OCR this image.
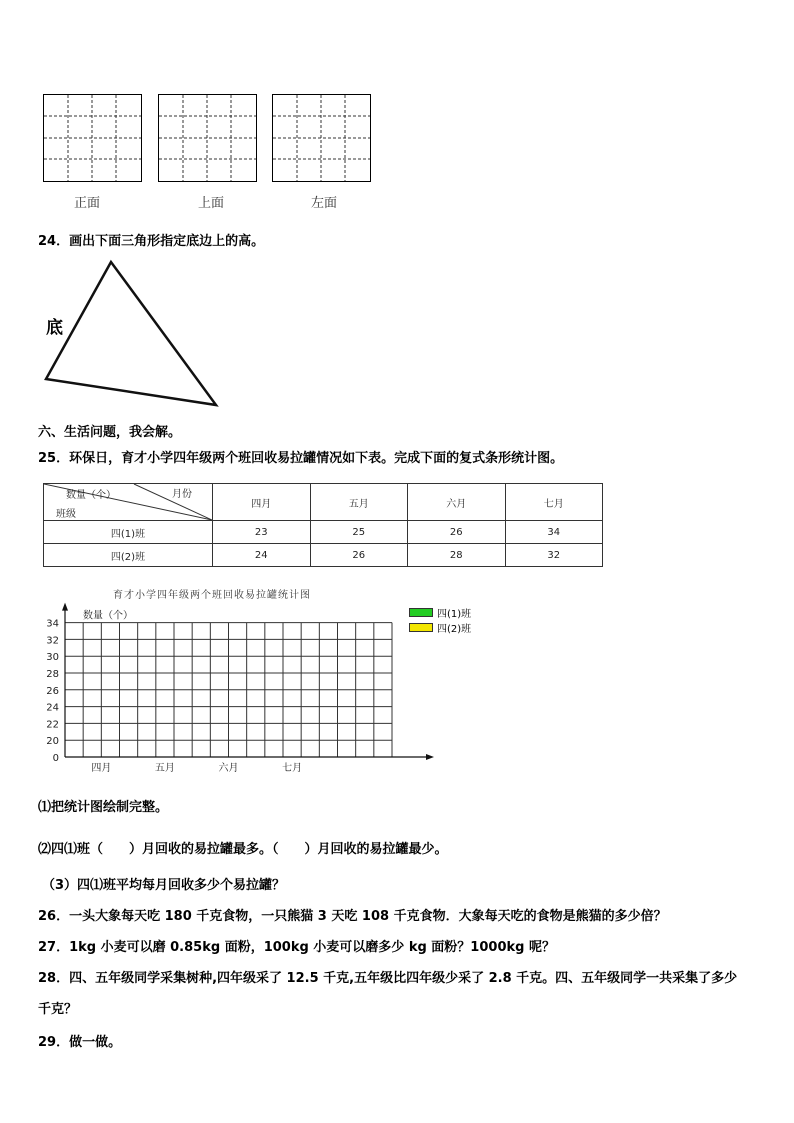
正面	上面	左面
24．画出下面三角形指定底边上的高。
底
六、生活问题，我会解。
25．环保日，育才小学四年级两个班回收易拉罐情况如下表。完成下面的复式条形统计图。
数量（个） 月份
班级	四月	五月	六月	七月
四(1)班	23	25	26	34
四(2)班	24	26	28	32
育才小学四年级两个班回收易拉罐统计图
四(1)班
四(2)班
0
20
22
24
26
28
30
32
34
数量（个）
四月	五月	六月	七月
⑴把统计图绘制完整。
⑵四⑴班（　　）月回收的易拉罐最多。（　　）月回收的易拉罐最少。
（3）四⑴班平均每月回收多少个易拉罐？
26．一头大象每天吃 180 千克食物，一只熊猫 3 天吃 108 千克食物．大象每天吃的食物是熊猫的多少倍？
27．1kg 小麦可以磨 0.85kg 面粉，100kg 小麦可以磨多少 kg 面粉？1000kg 呢？
28．四、五年级同学采集树种,四年级采了 12.5 千克,五年级比四年级少采了 2.8 千克。四、五年级同学一共采集了多少
千克？
29．做一做。
